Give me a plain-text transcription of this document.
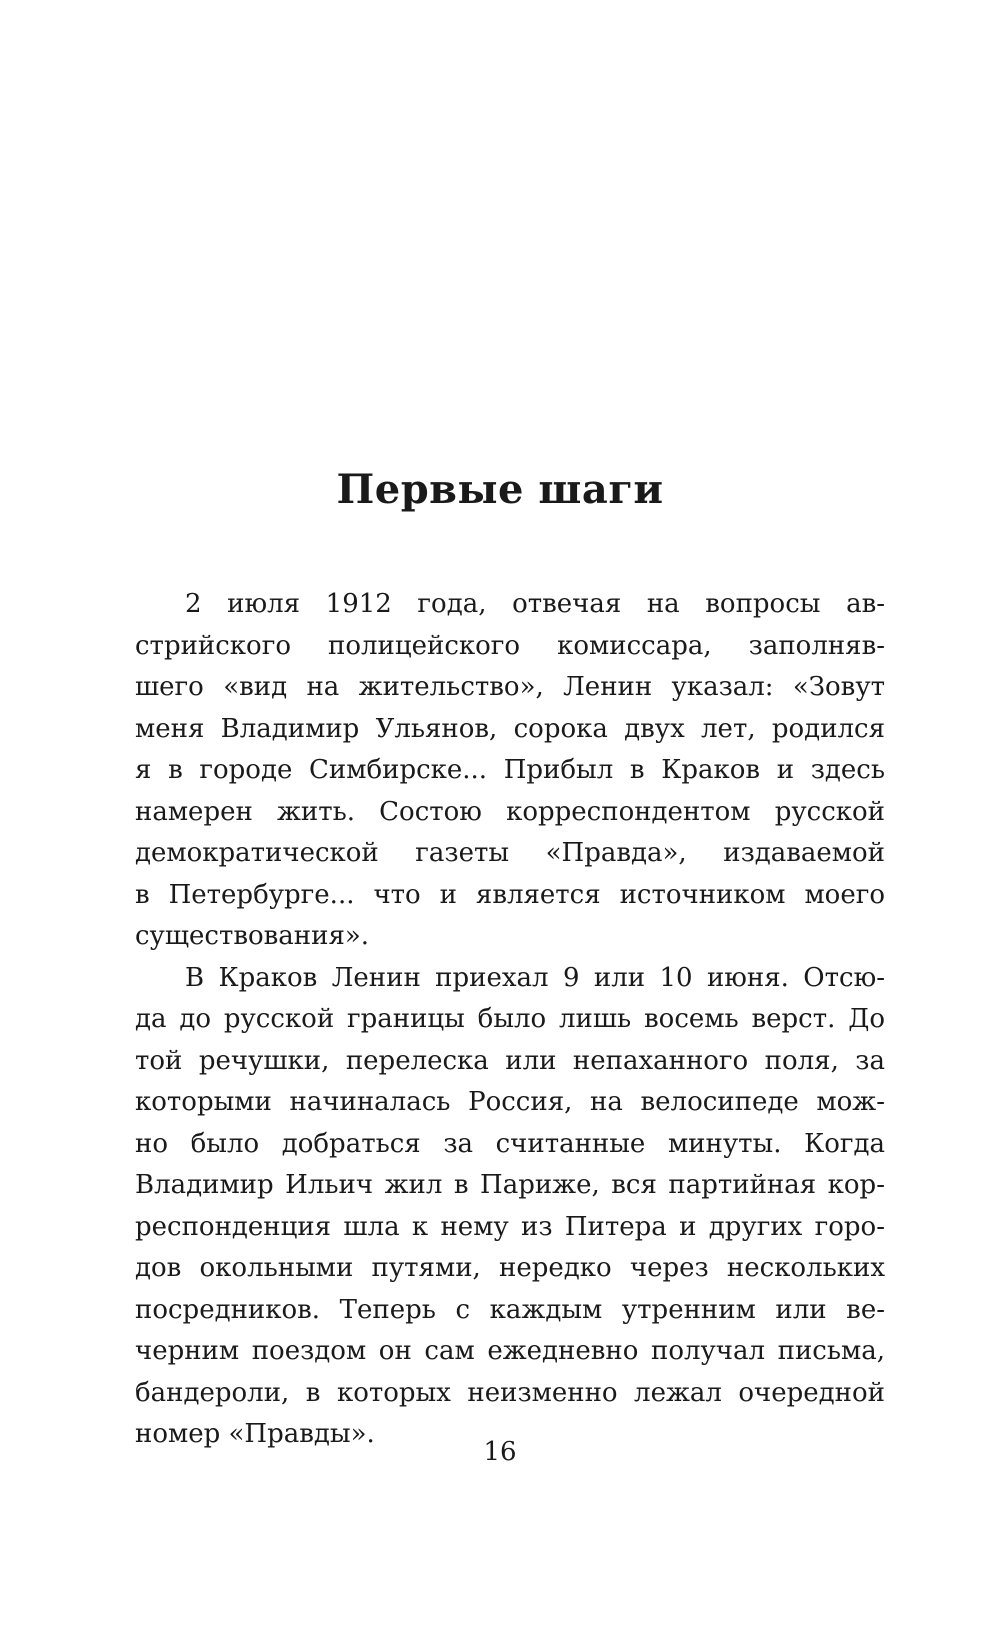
Первые шаги
2 июля 1912 года, отвечая на вопросы ав-
стрийского полицейского комиссара, заполняв-
шего «вид на жительство», Ленин указал: «Зовут
меня Владимир Ульянов, сорока двух лет, родился
я в городе Симбирске... Прибыл в Краков и здесь
намерен жить. Состою корреспондентом русской
демократической газеты «Правда», издаваемой
в Петербурге... что и является источником моего
существования».
В Краков Ленин приехал 9 или 10 июня. Отсю-
да до русской границы было лишь восемь верст. До
той речушки, перелеска или непаханного поля, за
которыми начиналась Россия, на велосипеде мож-
но было добраться за считанные минуты. Когда
Владимир Ильич жил в Париже, вся партийная кор-
респонденция шла к нему из Питера и других горо-
дов окольными путями, нередко через нескольких
посредников. Теперь с каждым утренним или ве-
черним поездом он сам ежедневно получал письма,
бандероли, в которых неизменно лежал очередной
номер «Правды».
16
